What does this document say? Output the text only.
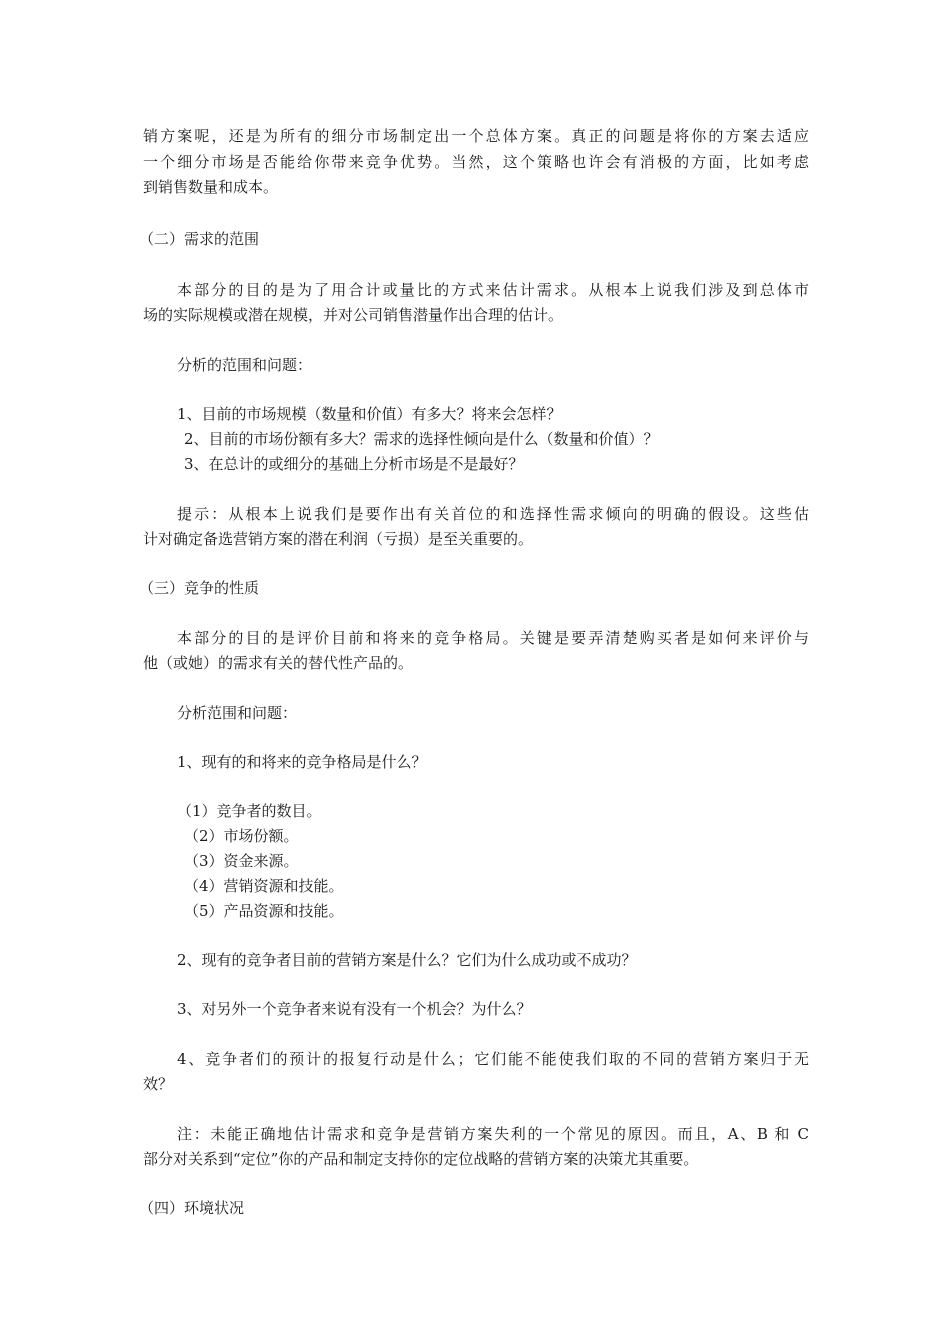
销方案呢，还是为所有的细分市场制定出一个总体方案。真正的问题是将你的方案去适应
一个细分市场是否能给你带来竞争优势。当然，这个策略也许会有消极的方面，比如考虑
到销售数量和成本。
（二）需求的范围
本部分的目的是为了用合计或量比的方式来估计需求。从根本上说我们涉及到总体市
场的实际规模或潜在规模，并对公司销售潜量作出合理的估计。
分析的范围和问题：
1、目前的市场规模（数量和价值）有多大？将来会怎样？
2、目前的市场份额有多大？需求的选择性倾向是什么（数量和价值）？
3、在总计的或细分的基础上分析市场是不是最好？
提示：从根本上说我们是要作出有关首位的和选择性需求倾向的明确的假设。这些估
计对确定备选营销方案的潜在利润（亏损）是至关重要的。
（三）竞争的性质
本部分的目的是评价目前和将来的竞争格局。关键是要弄清楚购买者是如何来评价与
他（或她）的需求有关的替代性产品的。
分析范围和问题：
1、现有的和将来的竞争格局是什么？
（1）竞争者的数目。
（2）市场份额。
（3）资金来源。
（4）营销资源和技能。
（5）产品资源和技能。
2、现有的竞争者目前的营销方案是什么？它们为什么成功或不成功？
3、对另外一个竞争者来说有没有一个机会？为什么？
4、竞争者们的预计的报复行动是什么；它们能不能使我们取的不同的营销方案归于无
效？
注：未能正确地估计需求和竞争是营销方案失利的一个常见的原因。而且，A、B 和 C
部分对关系到“定位”你的产品和制定支持你的定位战略的营销方案的决策尤其重要。
（四）环境状况
